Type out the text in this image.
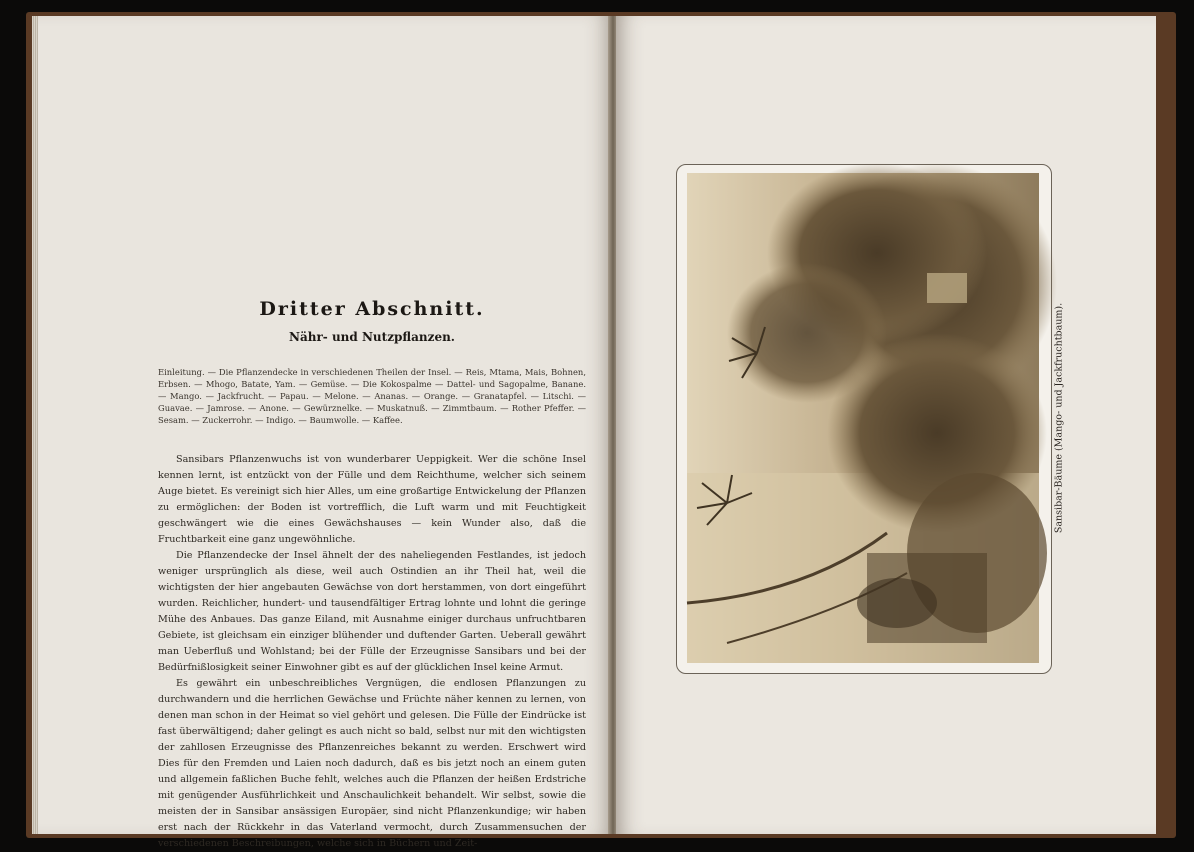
Dritter Abschnitt.
Nähr- und Nutzpflanzen.

Einleitung. — Die Pflanzendecke in verschiedenen Theilen der Insel. — Reis, Mtama, Mais, Bohnen, Erbsen. — Mhogo, Batate, Yam. — Gemüse. — Die Kokospalme — Dattel- und Sagopalme, Banane. — Mango. — Jackfrucht. — Papau. — Melone. — Ananas. — Orange. — Granatapfel. — Litschi. — Guavae. — Jamrose. — Anone. — Gewürznelke. — Muskatnuß. — Zimmtbaum. — Rother Pfeffer. — Sesam. — Zuckerrohr. — Indigo. — Baumwolle. — Kaffee.

Sansibars Pflanzenwuchs ist von wunderbarer Ueppigkeit. Wer die schöne Insel kennen lernt, ist entzückt von der Fülle und dem Reichthume, welcher sich seinem Auge bietet. Es vereinigt sich hier Alles, um eine großartige Entwickelung der Pflanzen zu ermöglichen: der Boden ist vortrefflich, die Luft warm und mit Feuchtigkeit geschwängert wie die eines Gewächshauses — kein Wunder also, daß die Fruchtbarkeit eine ganz ungewöhnliche.

Die Pflanzendecke der Insel ähnelt der des naheliegenden Festlandes, ist jedoch weniger ursprünglich als diese, weil auch Ostindien an ihr Theil hat, weil die wichtigsten der hier angebauten Gewächse von dort herstammen, von dort eingeführt wurden. Reichlicher, hundert- und tausendfältiger Ertrag lohnte und lohnt die geringe Mühe des Anbaues. Das ganze Eiland, mit Ausnahme einiger durchaus unfruchtbaren Gebiete, ist gleichsam ein einziger blühender und duftender Garten. Ueberall gewährt man Ueberfluß und Wohlstand; bei der Fülle der Erzeugnisse Sansibars und bei der Bedürfnißlosigkeit seiner Einwohner gibt es auf der glücklichen Insel keine Armut.

Es gewährt ein unbeschreibliches Vergnügen, die endlosen Pflanzungen zu durchwandern und die herrlichen Gewächse und Früchte näher kennen zu lernen, von denen man schon in der Heimat so viel gehört und gelesen. Die Fülle der Eindrücke ist fast überwältigend; daher gelingt es auch nicht so bald, selbst nur mit den wichtigsten der zahllosen Erzeugnisse des Pflanzenreiches bekannt zu werden. Erschwert wird Dies für den Fremden und Laien noch dadurch, daß es bis jetzt noch an einem guten und allgemein faßlichen Buche fehlt, welches auch die Pflanzen der heißen Erdstriche mit genügender Ausführlichkeit und Anschaulichkeit behandelt. Wir selbst, sowie die meisten der in Sansibar ansässigen Europäer, sind nicht Pflanzenkundige; wir haben erst nach der Rückkehr in das Vaterland vermocht, durch Zusammensuchen der verschiedenen Beschreibungen, welche sich in Büchern und Zeit-

Sansibar-Bäume (Mango- und Jackfruchtbaum).
